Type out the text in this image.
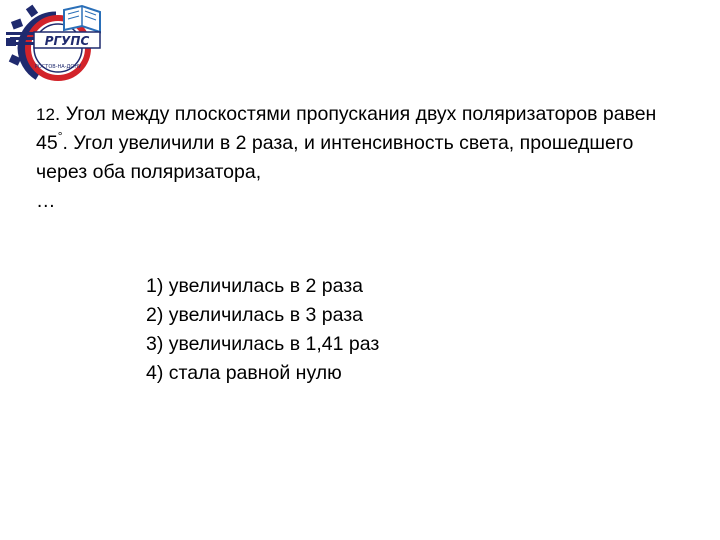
РГУПС
РОСТОВ-НА-ДОНУ

12. Угол между плоскостями пропускания двух поляризаторов равен 45°. Угол увеличили в 2 раза, и интенсивность света, прошедшего через оба поляризатора,
…

1) увеличилась в 2 раза
2) увеличилась в 3 раза
3) увеличилась в 1,41 раз
4) стала равной нулю
